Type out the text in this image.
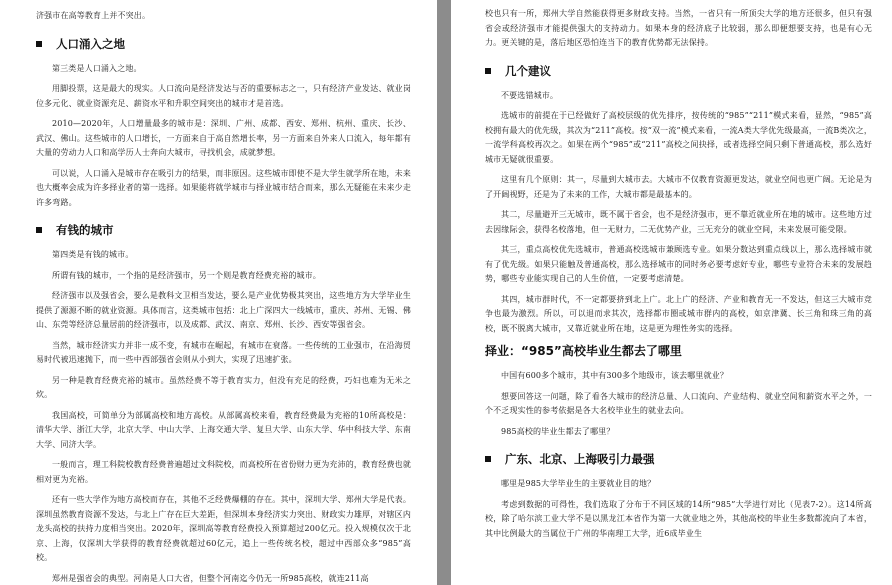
济强市在高等教育上并不突出。

人口涌入之地

第三类是人口涌入之地。

用脚投票，这是最大的现实。人口流向是经济发达与否的重要标志之一，只有经济产业发达、就业岗位多元化、就业资源充足、薪资水平和升职空间突出的城市才是首选。

2010—2020年，人口增量最多的城市是：深圳、广州、成都、西安、郑州、杭州、重庆、长沙、武汉、佛山。这些城市的人口增长，一方面来自于高自然增长率，另一方面来自外来人口流入，每年都有大量的劳动力人口和高学历人士奔向大城市，寻找机会，成就梦想。

可以说，人口涌入是城市存在吸引力的结果，而非原因。这些城市即使不是大学生就学所在地，未来也大概率会成为许多择业者的第一选择。如果能将就学城市与择业城市结合而来，那么无疑能在未来少走许多弯路。

有钱的城市

第四类是有钱的城市。

所谓有钱的城市，一个指的是经济强市，另一个则是教育经费充裕的城市。

经济强市以及强省会，要么是教科文卫相当发达，要么是产业优势极其突出，这些地方为大学毕业生提供了源源不断的就业资源。具体而言，这类城市包括：北上广深四大一线城市，重庆、苏州、无锡、佛山、东莞等经济总量居前的经济强市，以及成都、武汉、南京、郑州、长沙、西安等强省会。

当然，城市经济实力并非一成不变，有城市在崛起，有城市在衰落。一些传统的工业强市，在沿海贸易时代被迅速抛下，而一些中西部强省会则从小到大，实现了迅速扩张。

另一种是教育经费充裕的城市。虽然经费不等于教育实力，但没有充足的经费，巧妇也难为无米之炊。

我国高校，可简单分为部属高校和地方高校。从部属高校来看，教育经费最为充裕的10所高校是：清华大学、浙江大学，北京大学、中山大学、上海交通大学、复旦大学、山东大学、华中科技大学、东南大学、同济大学。

一般而言，理工科院校教育经费普遍超过文科院校，而高校所在省份财力更为充沛的，教育经费也就相对更为充裕。

还有一些大学作为地方高校而存在，其他不乏经费爆棚的存在。其中，深圳大学、郑州大学是代表。深圳虽然教育资源不发达，与北上广存在巨大差距，但深圳本身经济实力突出、财政实力雄厚，对辖区内龙头高校的扶持力度相当突出。2020年，深圳高等教育经费投入预算超过200亿元。投入规模仅次于北京、上海，仅深圳大学获得的教育经费就超过60亿元，追上一些传统名校，超过中西部众多“985”高校。

郑州是强省会的典型。河南是人口大省，但整个河南迄今仍无一所985高校，就连211高

校也只有一所，郑州大学自然能获得更多财政支持。当然，一省只有一所顶尖大学的地方还很多，但只有强省会或经济强市才能提供强大的支持动力。如果本身的经济底子比较弱，那么即便想要支持，也是有心无力。更关键的是，落后地区恐怕连当下的教育优势都无法保持。

几个建议

不要选错城市。

选城市的前提在于已经做好了高校层级的优先排序，按传统的“985”“211”模式来看，显然，“985”高校拥有最大的优先级，其次为“211”高校。按“双一流”模式来看，一流A类大学优先级最高，一流B类次之，一流学科高校再次之。如果在两个“985”或“211”高校之间抉择，或者选择空间只剩下普通高校，那么选好城市无疑就很重要。

这里有几个原则：其一，尽量到大城市去。大城市不仅教育资源更发达，就业空间也更广阔。无论是为了开阔视野，还是为了未来的工作，大城市都是最基本的。

其二，尽量避开三无城市，既不属于省会，也不是经济强市，更不靠近就业所在地的城市。这些地方过去因缘际会，获得名校落地，但一无财力，二无优势产业，三无充分的就业空间，未来发展可能受限。

其三，重点高校优先选城市，普通高校选城市兼顾选专业。如果分数达到重点线以上，那么选择城市就有了优先级。如果只能触及普通高校，那么选择城市的同时务必要考虑好专业，哪些专业符合未来的发展趋势，哪些专业能实现自己的人生价值，一定要考虑清楚。

其四，城市群时代，不一定都要挤到北上广。北上广的经济、产业和教育无一不发达，但这三大城市竞争也最为激烈。所以，可以退而求其次，选择都市圈或城市群内的高校，如京津冀、长三角和珠三角的高校，既不脱离大城市，又靠近就业所在地，这是更为理性务实的选择。

择业：“985”高校毕业生都去了哪里

中国有600多个城市，其中有300多个地级市，该去哪里就业？

想要回答这一问题，除了看各大城市的经济总量、人口流向、产业结构、就业空间和薪资水平之外，一个不乏现实性的参考依据是各大名校毕业生的就业去向。

985高校的毕业生都去了哪里？

广东、北京、上海吸引力最强

哪里是985大学毕业生的主要就业目的地？

考虑到数据的可得性，我们选取了分布于不同区域的14所“985”大学进行对比（见表7-2）。这14所高校，除了哈尔滨工业大学不是以黑龙江本省作为第一大就业地之外，其他高校的毕业生多数都流向了本省，其中比例最大的当属位于广州的华南理工大学，近6成毕业生
